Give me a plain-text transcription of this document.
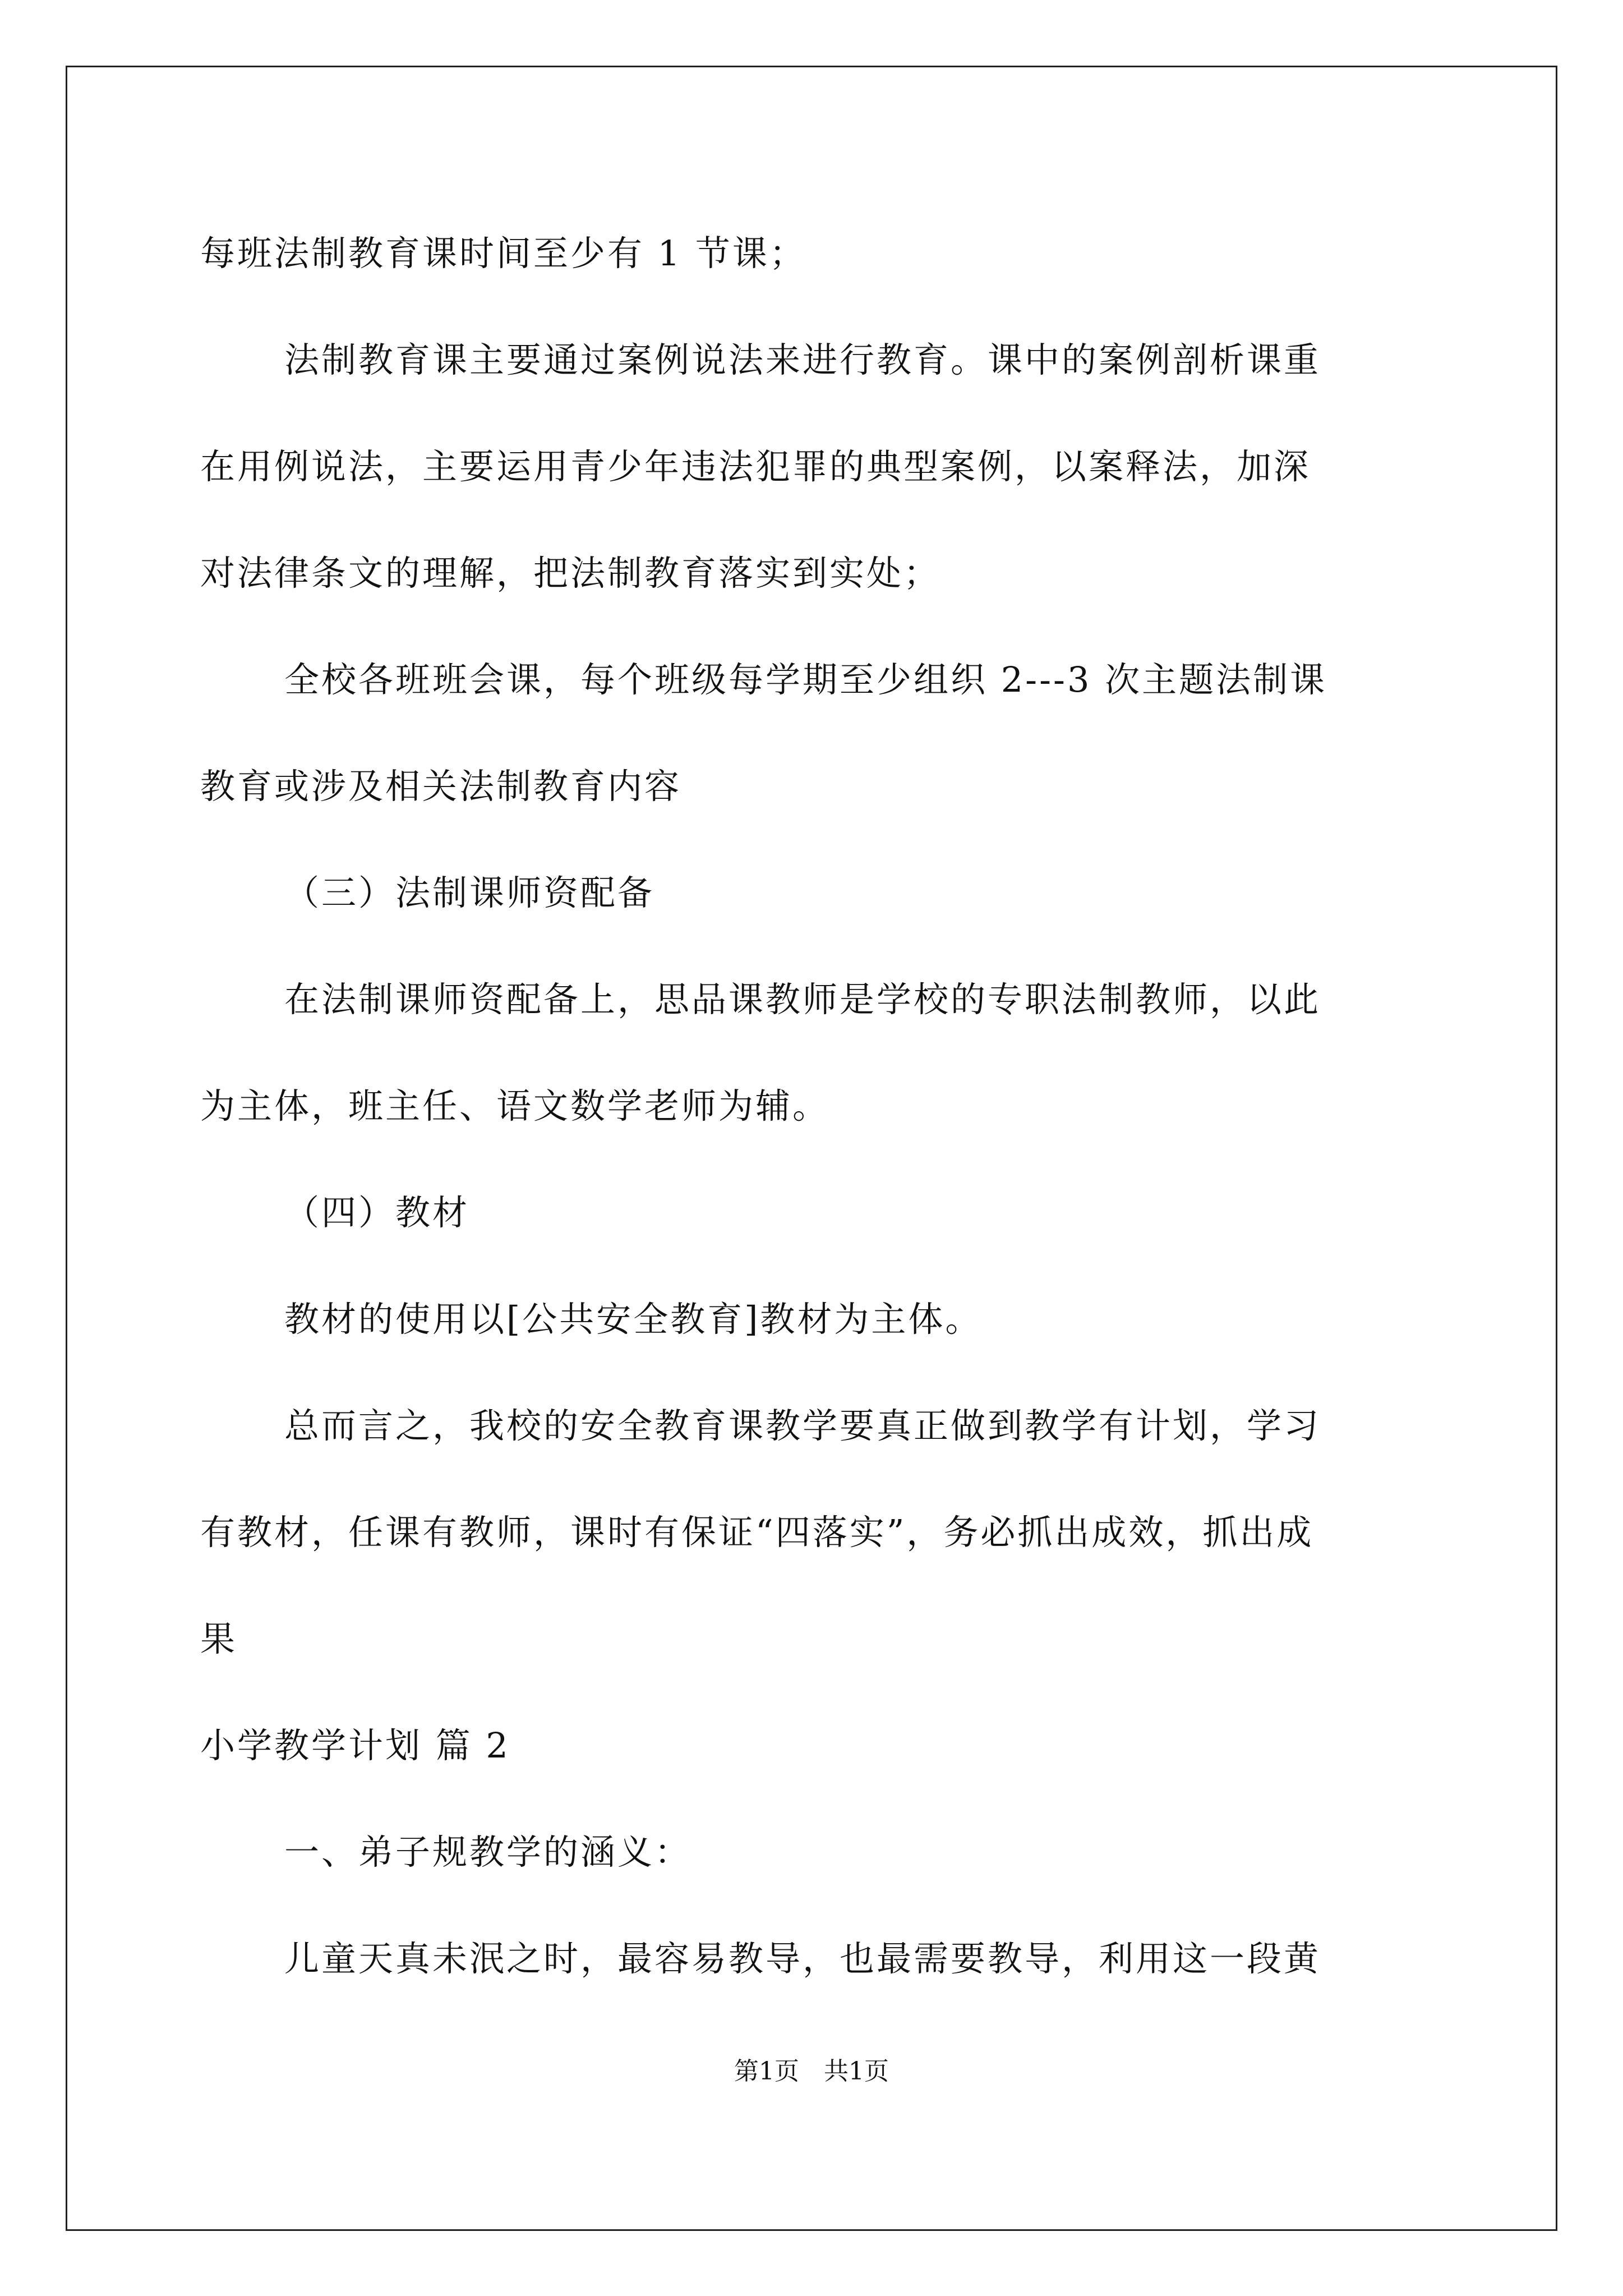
每班法制教育课时间至少有 1 节课；
法制教育课主要通过案例说法来进行教育。课中的案例剖析课重
在用例说法，主要运用青少年违法犯罪的典型案例，以案释法，加深
对法律条文的理解，把法制教育落实到实处；
全校各班班会课，每个班级每学期至少组织 2---3 次主题法制课
教育或涉及相关法制教育内容
（三）法制课师资配备
在法制课师资配备上，思品课教师是学校的专职法制教师，以此
为主体，班主任、语文数学老师为辅。
（四）教材
教材的使用以[公共安全教育]教材为主体。
总而言之，我校的安全教育课教学要真正做到教学有计划，学习
有教材，任课有教师，课时有保证“四落实”，务必抓出成效，抓出成
果
小学教学计划 篇 2
一、弟子规教学的涵义：
儿童天真未泯之时，最容易教导，也最需要教导，利用这一段黄
第1页　共1页
